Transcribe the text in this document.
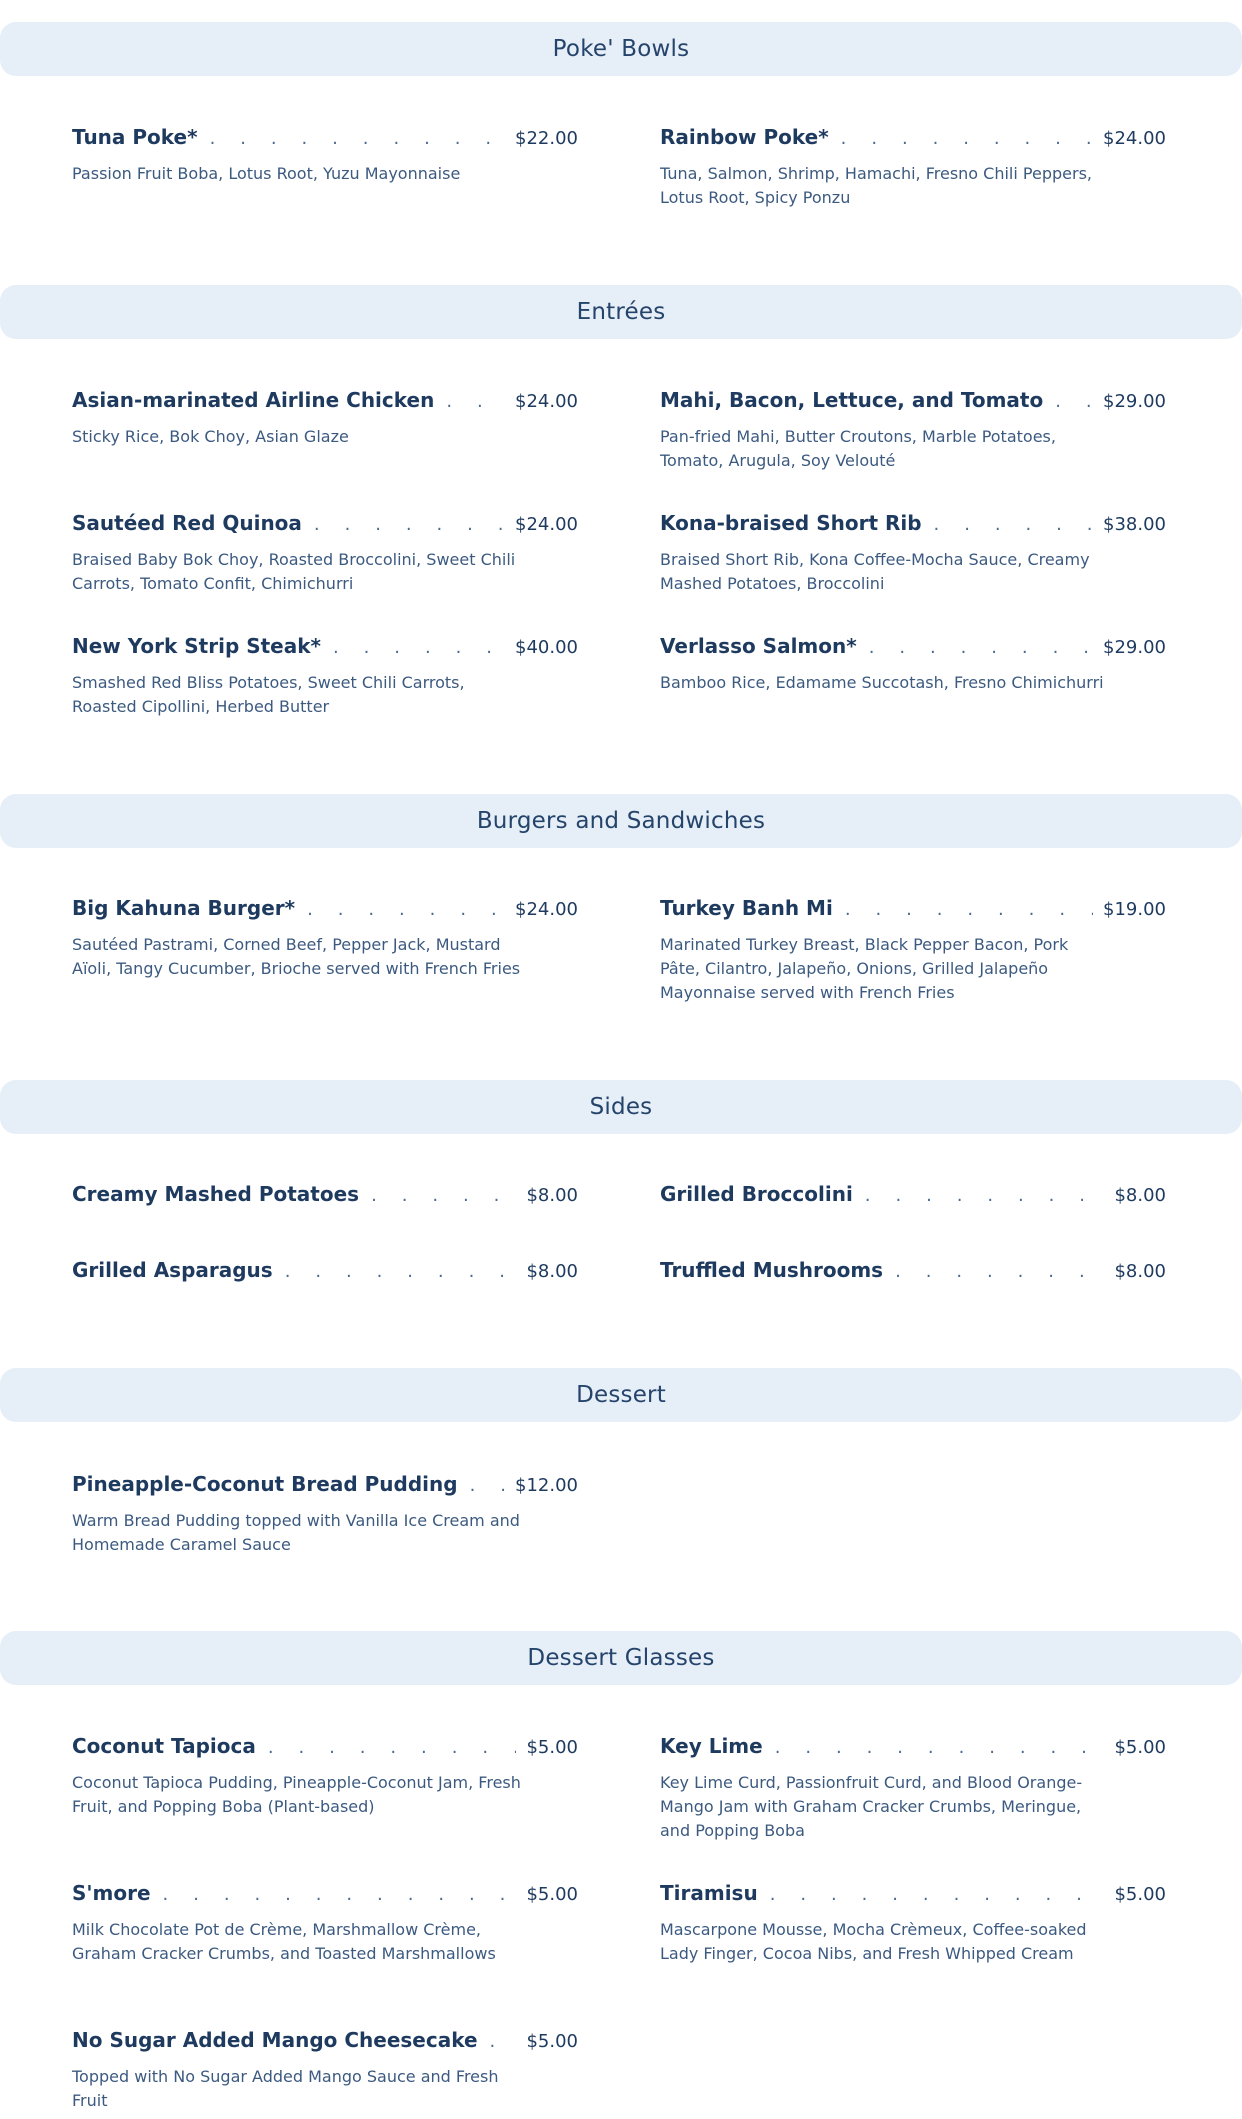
Poke' Bowls
Tuna Poke* . . .	$22.00
Passion Fruit Boba, Lotus Root, Yuzu Mayonnaise
Rainbow Poke* . . .	$24.00
Tuna, Salmon, Shrimp, Hamachi, Fresno Chili Peppers, Lotus Root, Spicy Ponzu
Entrées
Asian-marinated Airline Chicken . . .	$24.00
Sticky Rice, Bok Choy, Asian Glaze
Mahi, Bacon, Lettuce, and Tomato . . .	$29.00
Pan-fried Mahi, Butter Croutons, Marble Potatoes, Tomato, Arugula, Soy Velouté
Sautéed Red Quinoa . . .	$24.00
Braised Baby Bok Choy, Roasted Broccolini, Sweet Chili Carrots, Tomato Confit, Chimichurri
Kona-braised Short Rib . . .	$38.00
Braised Short Rib, Kona Coffee-Mocha Sauce, Creamy Mashed Potatoes, Broccolini
New York Strip Steak* . . .	$40.00
Smashed Red Bliss Potatoes, Sweet Chili Carrots, Roasted Cipollini, Herbed Butter
Verlasso Salmon* . . .	$29.00
Bamboo Rice, Edamame Succotash, Fresno Chimichurri
Burgers and Sandwiches
Big Kahuna Burger* . . .	$24.00
Sautéed Pastrami, Corned Beef, Pepper Jack, Mustard Aïoli, Tangy Cucumber, Brioche served with French Fries
Turkey Banh Mi . . .	$19.00
Marinated Turkey Breast, Black Pepper Bacon, Pork Pâte, Cilantro, Jalapeño, Onions, Grilled Jalapeño Mayonnaise served with French Fries
Sides
Creamy Mashed Potatoes . . .	$8.00	Grilled Broccolini . . .	$8.00
Grilled Asparagus . . .	$8.00	Truffled Mushrooms . . .	$8.00
Dessert
Pineapple-Coconut Bread Pudding . . .	$12.00
Warm Bread Pudding topped with Vanilla Ice Cream and Homemade Caramel Sauce
Dessert Glasses
Coconut Tapioca . . .	$5.00
Coconut Tapioca Pudding, Pineapple-Coconut Jam, Fresh Fruit, and Popping Boba (Plant-based)
Key Lime . . .	$5.00
Key Lime Curd, Passionfruit Curd, and Blood Orange-Mango Jam with Graham Cracker Crumbs, Meringue, and Popping Boba
S'more . . .	$5.00
Milk Chocolate Pot de Crème, Marshmallow Crème, Graham Cracker Crumbs, and Toasted Marshmallows
Tiramisu . . .	$5.00
Mascarpone Mousse, Mocha Crèmeux, Coffee-soaked Lady Finger, Cocoa Nibs, and Fresh Whipped Cream
No Sugar Added Mango Cheesecake . . .	$5.00
Topped with No Sugar Added Mango Sauce and Fresh Fruit
